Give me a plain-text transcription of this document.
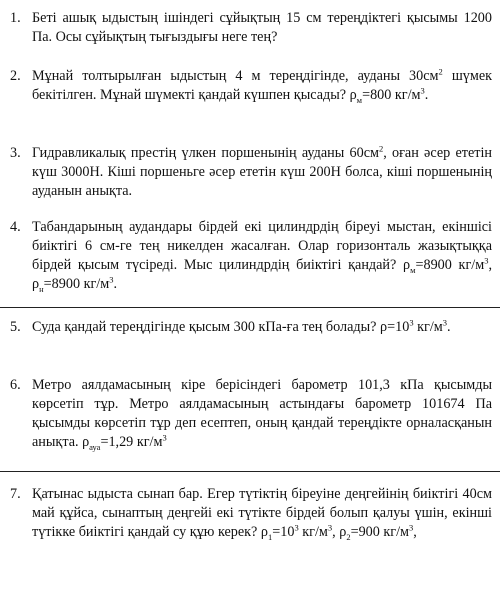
1. Беті ашық ыдыстың ішіндегі сұйықтың 15 см тереңдіктегі қысымы 1200 Па. Осы сұйықтың тығыздығы неге тең?
2. Мұнай толтырылған ыдыстың 4 м тереңдігінде, ауданы $30см^2$ шүмек бекітілген. Мұнай шүмекті қандай күшпен қысады? $\rho_м=800$ $кг/м^3$.
3. Гидравликалық престің үлкен поршенынің ауданы $60см^2$, оған әсер ететін күш 3000Н. Кіші поршеньге әсер ететін күш 200Н болса, кіші поршенынің ауданын анықта.
4. Табандарының аудандары бірдей екі цилиндрдің біреуі мыстан, екіншісі биіктігі 6 см-ге тең никелден жасалған. Олар горизонталь жазықтыққа бірдей қысым түсіреді. Мыс цилиндрдің биіктігі қандай? $\rho_м=8900$ $кг/м^3$, $\rho_н=8900$ $кг/м^3$.
5. Суда қандай тереңдігінде қысым 300 кПа-ға тең болады? $\rho=10^3$ $кг/м^3$.
6. Метро аялдамасының кіре берісіндегі барометр 101,3 кПа қысымды көрсетіп тұр. Метро аялдамасының астындағы барометр 101674 Па қысымды көрсетіп тұр деп есептеп, оның қандай тереңдікте орналасқанын анықта. $\rho_{ауа}=1,29$ $кг/м^3$
7. Қатынас ыдыста сынап бар. Егер түтіктің біреуіне деңгейінің биіктігі 40см май құйса, сынаптың деңгейі екі түтікте бірдей болып қалуы үшін, екінші түтікке биіктігі қандай су құю керек? $\rho_1=10^3$ $кг/м^3$, $\rho_2=900$ $кг/м^3$,
